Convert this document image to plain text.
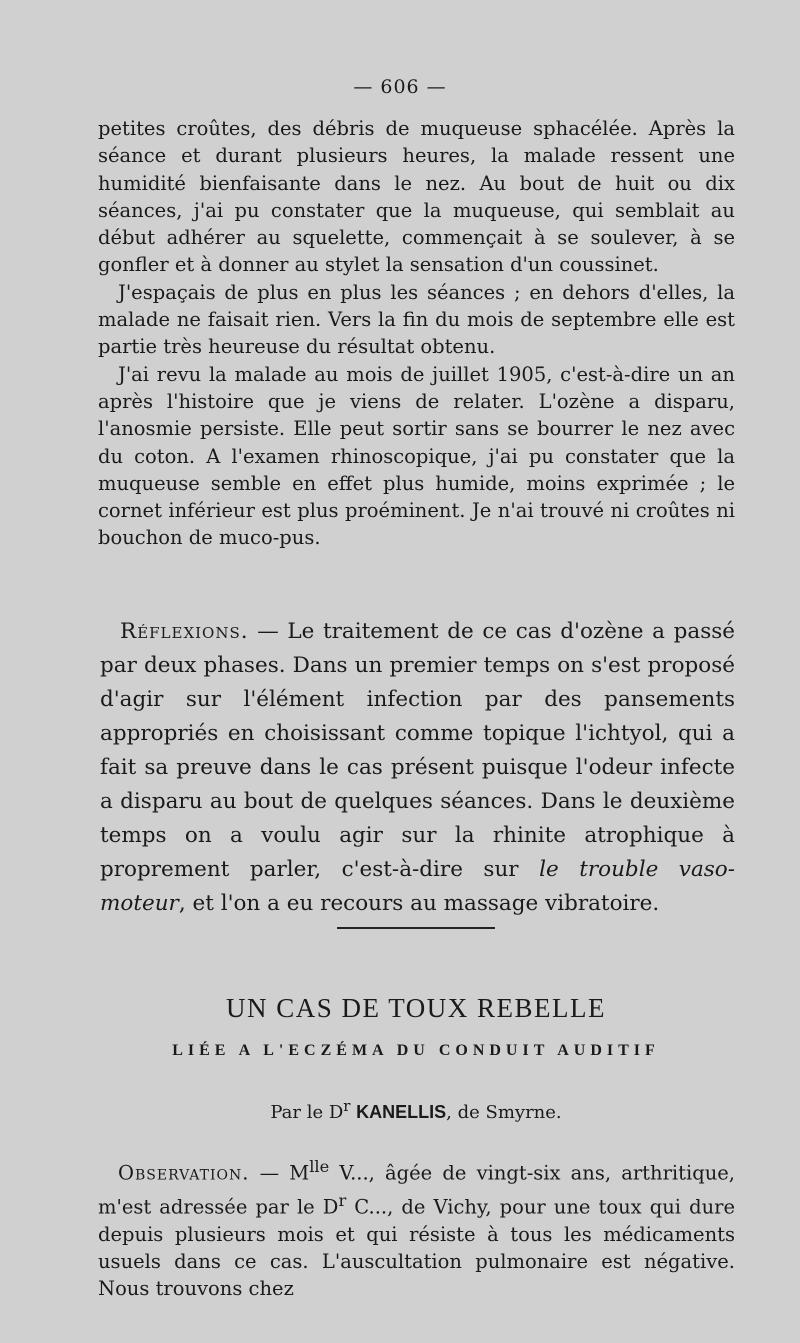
— 606 —

petites croûtes, des débris de muqueuse sphacélée. Après la séance et durant plusieurs heures, la malade ressent une humidité bienfaisante dans le nez. Au bout de huit ou dix séances, j'ai pu constater que la muqueuse, qui semblait au début adhérer au squelette, commençait à se soulever, à se gonfler et à donner au stylet la sensation d'un coussinet.

J'espaçais de plus en plus les séances ; en dehors d'elles, la malade ne faisait rien. Vers la fin du mois de septembre elle est partie très heureuse du résultat obtenu.

J'ai revu la malade au mois de juillet 1905, c'est-à-dire un an après l'histoire que je viens de relater. L'ozène a disparu, l'anosmie persiste. Elle peut sortir sans se bourrer le nez avec du coton. A l'examen rhinoscopique, j'ai pu constater que la muqueuse semble en effet plus humide, moins exprimée ; le cornet inférieur est plus proéminent. Je n'ai trouvé ni croûtes ni bouchon de muco-pus.

Réflexions. — Le traitement de ce cas d'ozène a passé par deux phases. Dans un premier temps on s'est proposé d'agir sur l'élément infection par des pansements appropriés en choisissant comme topique l'ichtyol, qui a fait sa preuve dans le cas présent puisque l'odeur infecte a disparu au bout de quelques séances. Dans le deuxième temps on a voulu agir sur la rhinite atrophique à proprement parler, c'est-à-dire sur le trouble vaso-moteur, et l'on a eu recours au massage vibratoire.

UN CAS DE TOUX REBELLE
LIÉE A L'ECZÉMA DU CONDUIT AUDITIF
Par le $D^r$ KANELLIS, de Smyrne.

Observation. — $M^{lle}$ V..., âgée de vingt-six ans, arthritique, m'est adressée par le $D^r$ C..., de Vichy, pour une toux qui dure depuis plusieurs mois et qui résiste à tous les médicaments usuels dans ce cas. L'auscultation pulmonaire est négative. Nous trouvons chez
